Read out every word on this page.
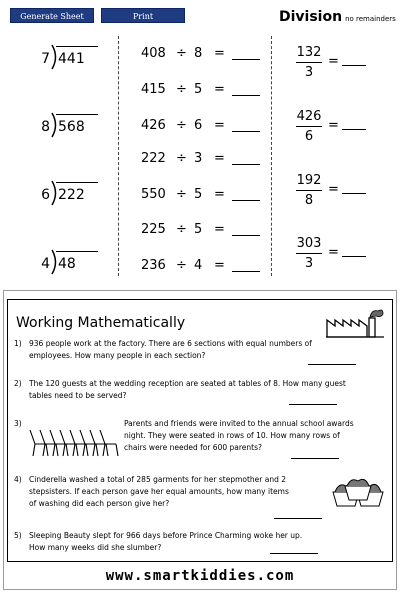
Generate Sheet	Print	Division no remainders
7 441
8 568
6 222
4 48
408 ÷ 8 =
415 ÷ 5 =
426 ÷ 6 =
222 ÷ 3 =
550 ÷ 5 =
225 ÷ 5 =
236 ÷ 4 =
132
3
=
426
6
=
192
8
=
303
3
=
Working Mathematically
1) 936 people work at the factory. There are 6 sections with equal numbers of
employees. How many people in each section?
2) The 120 guests at the wedding reception are seated at tables of 8. How many guest
tables need to be served?
3)	Parents and friends were invited to the annual school awards
night. They were seated in rows of 10. How many rows of
chairs were needed for 600 parents?
4) Cinderella washed a total of 285 garments for her stepmother and 2
stepsisters. If each person gave her equal amounts, how many items
of washing did each person give her?
5) Sleeping Beauty slept for 966 days before Prince Charming woke her up.
How many weeks did she slumber?
www.smartkiddies.com
